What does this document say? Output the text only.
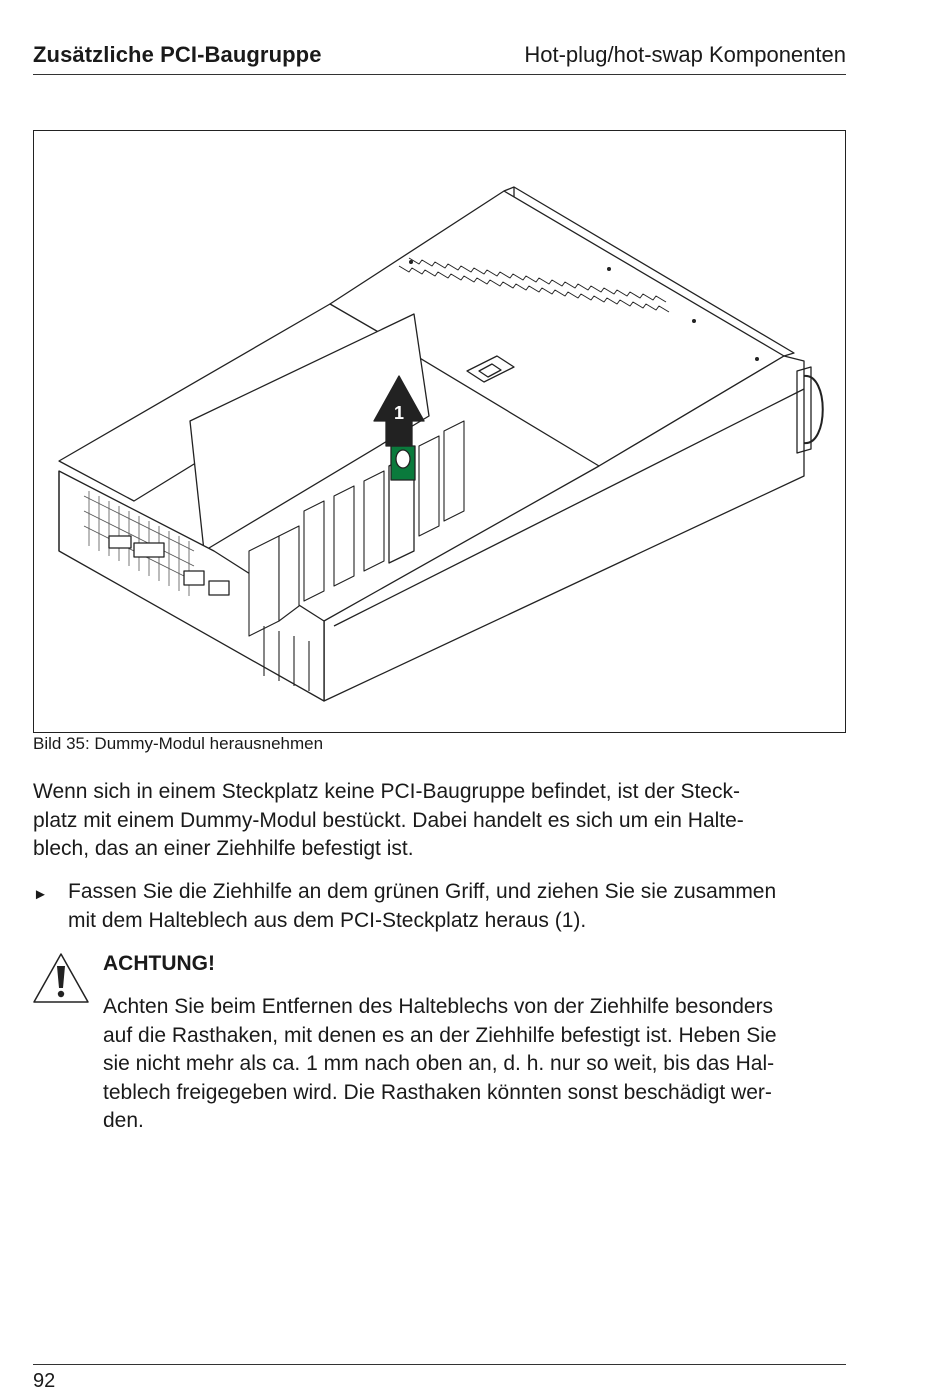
Zusätzliche PCI-Baugruppe	Hot-plug/hot-swap Komponenten
1
Bild 35: Dummy-Modul herausnehmen
Wenn sich in einem Steckplatz keine PCI-Baugruppe befindet, ist der Steck-
platz mit einem Dummy-Modul bestückt. Dabei handelt es sich um ein Halte-
blech, das an einer Ziehhilfe befestigt ist.
► Fassen Sie die Ziehhilfe an dem grünen Griff, und ziehen Sie sie zusammen
mit dem Halteblech aus dem PCI-Steckplatz heraus (1).
ACHTUNG!
Achten Sie beim Entfernen des Halteblechs von der Ziehhilfe besonders
auf die Rasthaken, mit denen es an der Ziehhilfe befestigt ist. Heben Sie
sie nicht mehr als ca. 1 mm nach oben an, d. h. nur so weit, bis das Hal-
teblech freigegeben wird. Die Rasthaken könnten sonst beschädigt wer-
den.
92
